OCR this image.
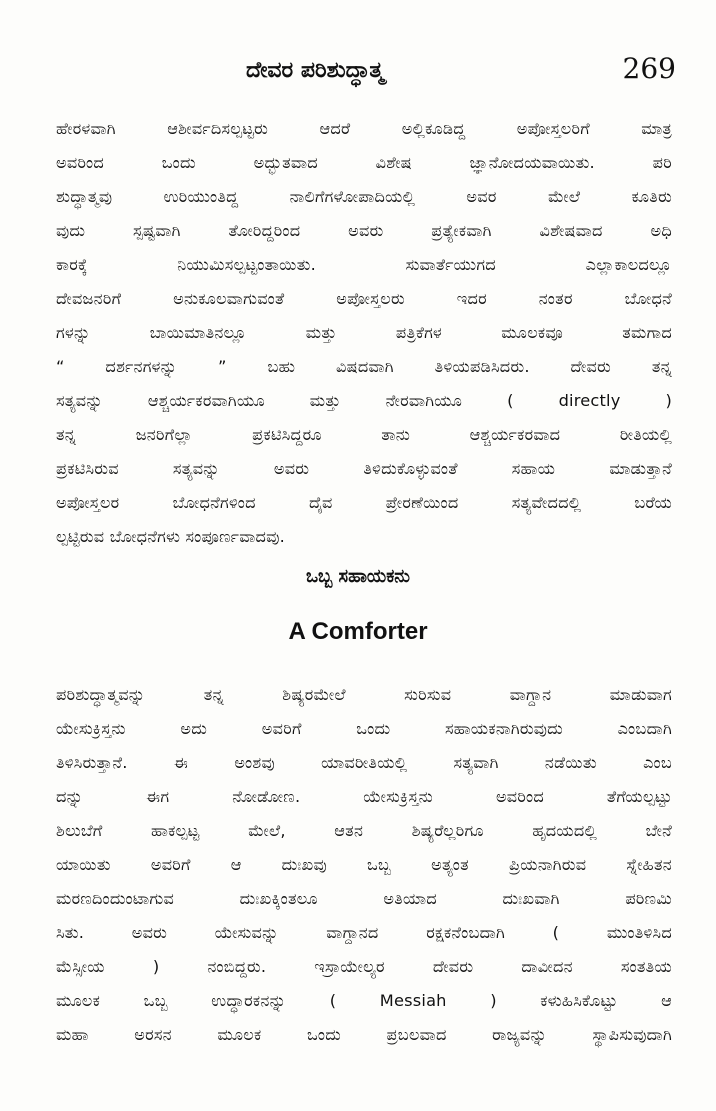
ದೇವರ ಪರಿಶುದ್ಧಾತ್ಮ	269
ಹೇರಳವಾಗಿ ಆಶೀರ್ವದಿಸಲ್ಪಟ್ಟರು ಆದರೆ ಅಲ್ಲಿಕೂಡಿದ್ದ ಅಪೋಸ್ತಲರಿಗೆ ಮಾತ್ರ
ಅವರಿಂದ ಒಂದು ಅದ್ಭುತವಾದ ವಿಶೇಷ ಜ್ಞಾನೋದಯವಾಯಿತು. ಪರಿ
ಶುದ್ಧಾತ್ಮವು ಉರಿಯುಂತಿದ್ದ ನಾಲಿಗೆಗಳೋಪಾದಿಯಲ್ಲಿ ಅವರ ಮೇಲೆ ಕೂತಿರು
ವುದು ಸ್ಪಷ್ಟವಾಗಿ ತೋರಿದ್ದರಿಂದ ಅವರು ಪ್ರತ್ಯೇಕವಾಗಿ ವಿಶೇಷವಾದ ಅಧಿ
ಕಾರಕ್ಕೆ ನಿಯುಮಿಸಲ್ಪಟ್ಟಂತಾಯಿತು. ಸುವಾರ್ತೆಯುಗದ ಎಲ್ಲಾಕಾಲದಲ್ಲೂ
ದೇವಜನರಿಗೆ ಅನುಕೂಲವಾಗುವಂತೆ ಅಪೋಸ್ತಲರು ಇದರ ನಂತರ ಬೋಧನೆ
ಗಳನ್ನು ಬಾಯಿಮಾತಿನಲ್ಲೂ ಮತ್ತು ಪತ್ರಿಕೆಗಳ ಮೂಲಕವೂ ತಮಗಾದ
“ ದರ್ಶನಗಳನ್ನು ” ಬಹು ವಿಷದವಾಗಿ ತಿಳಿಯಪಡಿಸಿದರು. ದೇವರು ತನ್ನ
ಸತ್ಯವನ್ನು ಆಶ್ಚರ್ಯಕರವಾಗಿಯೂ ಮತ್ತು ನೇರವಾಗಿಯೂ ( directly )
ತನ್ನ ಜನರಿಗೆಲ್ಲಾ ಪ್ರಕಟಿಸಿದ್ದರೂ ತಾನು ಆಶ್ಚರ್ಯಕರವಾದ ರೀತಿಯಲ್ಲಿ
ಪ್ರಕಟಿಸಿರುವ ಸತ್ಯವನ್ನು ಅವರು ತಿಳಿದುಕೊಳ್ಳುವಂತೆ ಸಹಾಯ ಮಾಡುತ್ತಾನೆ
ಅಪೋಸ್ತಲರ ಬೋಧನೆಗಳಿಂದ ದೈವ ಪ್ರೇರಣೆಯಿಂದ ಸತ್ಯವೇದದಲ್ಲಿ ಬರೆಯ
ಲ್ಪಟ್ಟಿರುವ ಬೋಧನೆಗಳು ಸಂಪೂರ್ಣವಾದವು.
ಒಬ್ಬ ಸಹಾಯಕನು
A Comforter
ಪರಿಶುದ್ಧಾತ್ಮವನ್ನು ತನ್ನ ಶಿಷ್ಯರಮೇಲೆ ಸುರಿಸುವ ವಾಗ್ದಾನ ಮಾಡುವಾಗ
ಯೇಸುಕ್ರಿಸ್ತನು ಅದು ಅವರಿಗೆ ಒಂದು ಸಹಾಯಕನಾಗಿರುವುದು ಎಂಬದಾಗಿ
ತಿಳಿಸಿರುತ್ತಾನೆ. ಈ ಅಂಶವು ಯಾವರೀತಿಯಲ್ಲಿ ಸತ್ಯವಾಗಿ ನಡೆಯಿತು ಎಂಬ
ದನ್ನು ಈಗ ನೋಡೋಣ. ಯೇಸುಕ್ರಿಸ್ತನು ಅವರಿಂದ ತೆಗೆಯಲ್ಪಟ್ಟು
ಶಿಲುಬೆಗೆ ಹಾಕಲ್ಪಟ್ಟ ಮೇಲೆ, ಆತನ ಶಿಷ್ಯರೆಲ್ಲರಿಗೂ ಹೃದಯದಲ್ಲಿ ಬೇನೆ
ಯಾಯಿತು ಅವರಿಗೆ ಆ ದುಃಖವು ಒಬ್ಬ ಅತ್ಯಂತ ಪ್ರಿಯನಾಗಿರುವ ಸ್ನೇಹಿತನ
ಮರಣದಿಂದುಂಟಾಗುವ ದುಃಖಕ್ಕಿಂತಲೂ ಅತಿಯಾದ ದುಃಖವಾಗಿ ಪರಿಣಮಿ
ಸಿತು. ಅವರು ಯೇಸುವನ್ನು ವಾಗ್ದಾನದ ರಕ್ಷಕನೆಂಬದಾಗಿ ( ಮುಂತಿಳಿಸಿದ
ಮೆಸ್ಸೀಯ ) ನಂಬಿದ್ದರು. ಇಸ್ರಾಯೇಲ್ಯರ ದೇವರು ದಾವೀದನ ಸಂತತಿಯ
ಮೂಲಕ ಒಬ್ಬ ಉದ್ಧಾರಕನನ್ನು ( Messiah ) ಕಳುಹಿಸಿಕೊಟ್ಟು ಆ
ಮಹಾ ಅರಸನ ಮೂಲಕ ಒಂದು ಪ್ರಬಲವಾದ ರಾಜ್ಯವನ್ನು ಸ್ಥಾಪಿಸುವುದಾಗಿ
